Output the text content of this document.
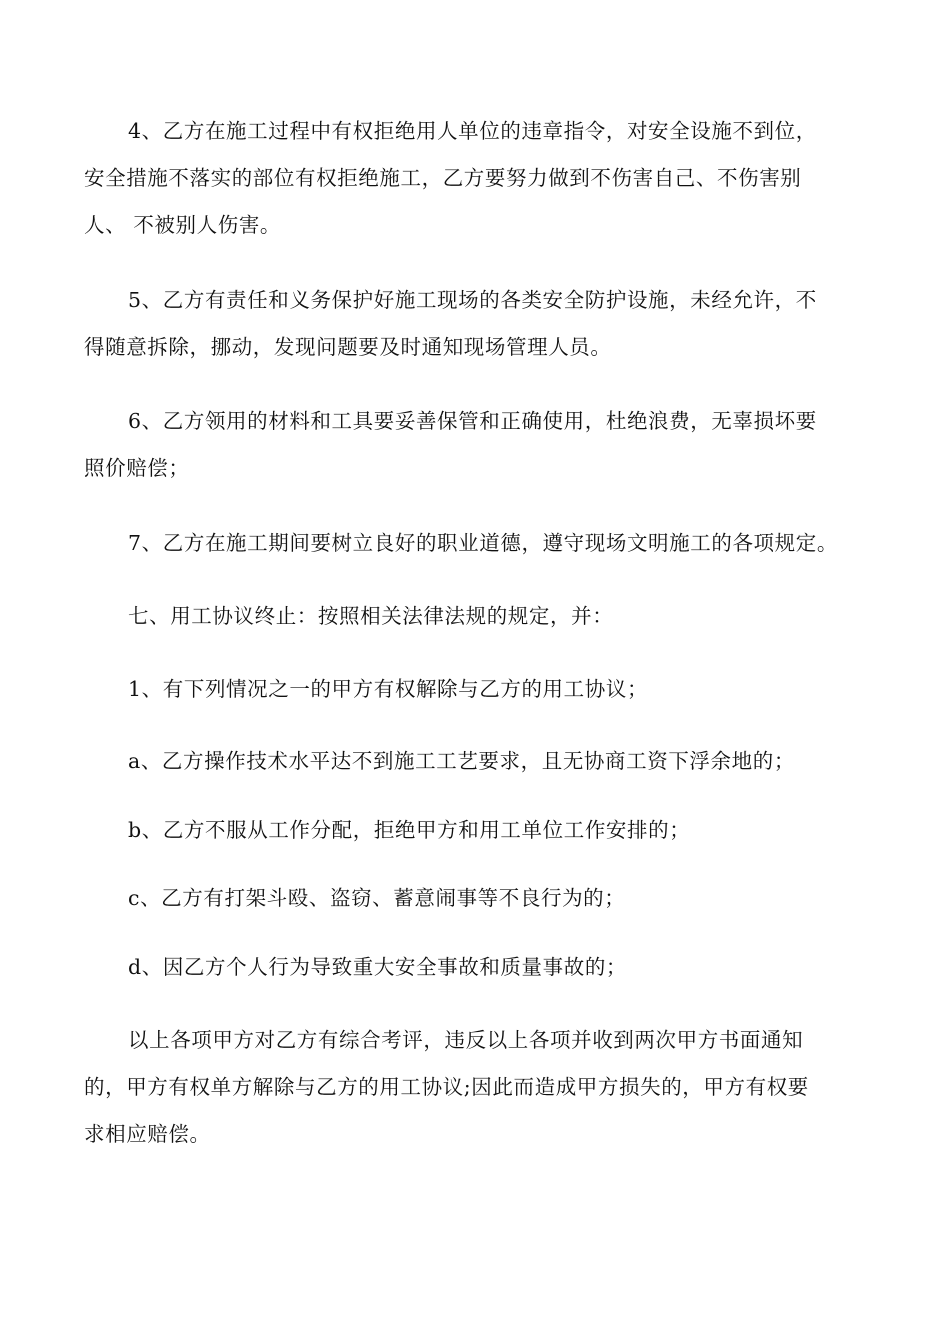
4、乙方在施工过程中有权拒绝用人单位的违章指令，对安全设施不到位，
安全措施不落实的部位有权拒绝施工，乙方要努力做到不伤害自己、不伤害别
人、 不被别人伤害。

5、乙方有责任和义务保护好施工现场的各类安全防护设施，未经允许，不
得随意拆除，挪动，发现问题要及时通知现场管理人员。

6、乙方领用的材料和工具要妥善保管和正确使用，杜绝浪费，无辜损坏要
照价赔偿；

7、乙方在施工期间要树立良好的职业道德，遵守现场文明施工的各项规定。

七、用工协议终止：按照相关法律法规的规定，并：

1、有下列情况之一的甲方有权解除与乙方的用工协议；

a、乙方操作技术水平达不到施工工艺要求，且无协商工资下浮余地的；

b、乙方不服从工作分配，拒绝甲方和用工单位工作安排的；

c、乙方有打架斗殴、盗窃、蓄意闹事等不良行为的；

d、因乙方个人行为导致重大安全事故和质量事故的；

以上各项甲方对乙方有综合考评，违反以上各项并收到两次甲方书面通知
的，甲方有权单方解除与乙方的用工协议;因此而造成甲方损失的，甲方有权要
求相应赔偿。
